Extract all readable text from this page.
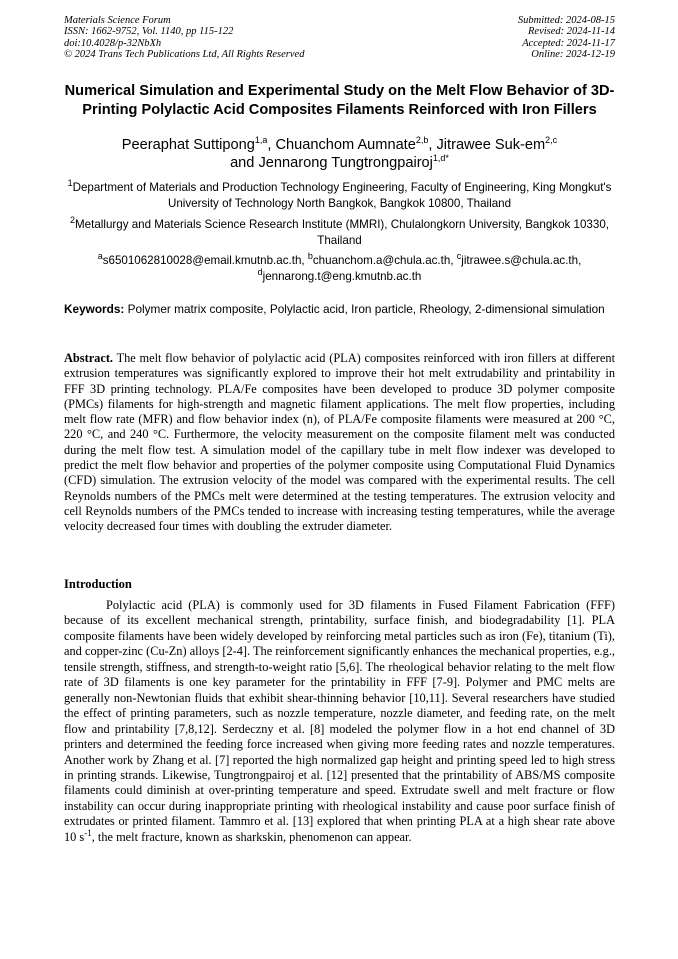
Materials Science Forum
ISSN: 1662-9752, Vol. 1140, pp 115-122
doi:10.4028/p-32NbXh
© 2024 Trans Tech Publications Ltd, All Rights Reserved
Submitted: 2024-08-15
Revised: 2024-11-14
Accepted: 2024-11-17
Online: 2024-12-19
Numerical Simulation and Experimental Study on the Melt Flow Behavior of 3D-Printing Polylactic Acid Composites Filaments Reinforced with Iron Fillers
Peeraphat Suttipong$^{1,a}$, Chuanchom Aumnate$^{2,b}$, Jitrawee Suk-em$^{2,c}$
and Jennarong Tungtrongpairoj$^{1,d*}$
$^1$Department of Materials and Production Technology Engineering, Faculty of Engineering, King Mongkut's University of Technology North Bangkok, Bangkok 10800, Thailand
$^2$Metallurgy and Materials Science Research Institute (MMRI), Chulalongkorn University, Bangkok 10330, Thailand
$^a$s6501062810028@email.kmutnb.ac.th, $^b$chuanchom.a@chula.ac.th, $^c$jitrawee.s@chula.ac.th,
$^d$jennarong.t@eng.kmutnb.ac.th
Keywords: Polymer matrix composite, Polylactic acid, Iron particle, Rheology, 2-dimensional simulation
Abstract. The melt flow behavior of polylactic acid (PLA) composites reinforced with iron fillers at different extrusion temperatures was significantly explored to improve their hot melt extrudability and printability in FFF 3D printing technology. PLA/Fe composites have been developed to produce 3D polymer composite (PMCs) filaments for high-strength and magnetic filament applications. The melt flow properties, including melt flow rate (MFR) and flow behavior index (n), of PLA/Fe composite filaments were measured at 200 °C, 220 °C, and 240 °C. Furthermore, the velocity measurement on the composite filament melt was conducted during the melt flow test. A simulation model of the capillary tube in melt flow indexer was developed to predict the melt flow behavior and properties of the polymer composite using Computational Fluid Dynamics (CFD) simulation. The extrusion velocity of the model was compared with the experimental results. The cell Reynolds numbers of the PMCs melt were determined at the testing temperatures. The extrusion velocity and cell Reynolds numbers of the PMCs tended to increase with increasing testing temperatures, while the average velocity decreased four times with doubling the extruder diameter.
Introduction

Polylactic acid (PLA) is commonly used for 3D filaments in Fused Filament Fabrication (FFF) because of its excellent mechanical strength, printability, surface finish, and biodegradability [1]. PLA composite filaments have been widely developed by reinforcing metal particles such as iron (Fe), titanium (Ti), and copper-zinc (Cu-Zn) alloys [2-4]. The reinforcement significantly enhances the mechanical properties, e.g., tensile strength, stiffness, and strength-to-weight ratio [5,6]. The rheological behavior relating to the melt flow rate of 3D filaments is one key parameter for the printability in FFF [7-9]. Polymer and PMC melts are generally non-Newtonian fluids that exhibit shear-thinning behavior [10,11]. Several researchers have studied the effect of printing parameters, such as nozzle temperature, nozzle diameter, and feeding rate, on the melt flow and printability [7,8,12]. Serdeczny et al. [8] modeled the polymer flow in a hot end channel of 3D printers and determined the feeding force increased when giving more feeding rates and nozzle temperatures. Another work by Zhang et al. [7] reported the high normalized gap height and printing speed led to high stress in printing strands. Likewise, Tungtrongpairoj et al. [12] presented that the printability of ABS/MS composite filaments could diminish at over-printing temperature and speed. Extrudate swell and melt fracture or flow instability can occur during inappropriate printing with rheological instability and cause poor surface finish of extrudates or printed filament. Tammro et al. [13] explored that when printing PLA at a high shear rate above 10 $s^{-1}$, the melt fracture, known as sharkskin, phenomenon can appear.
